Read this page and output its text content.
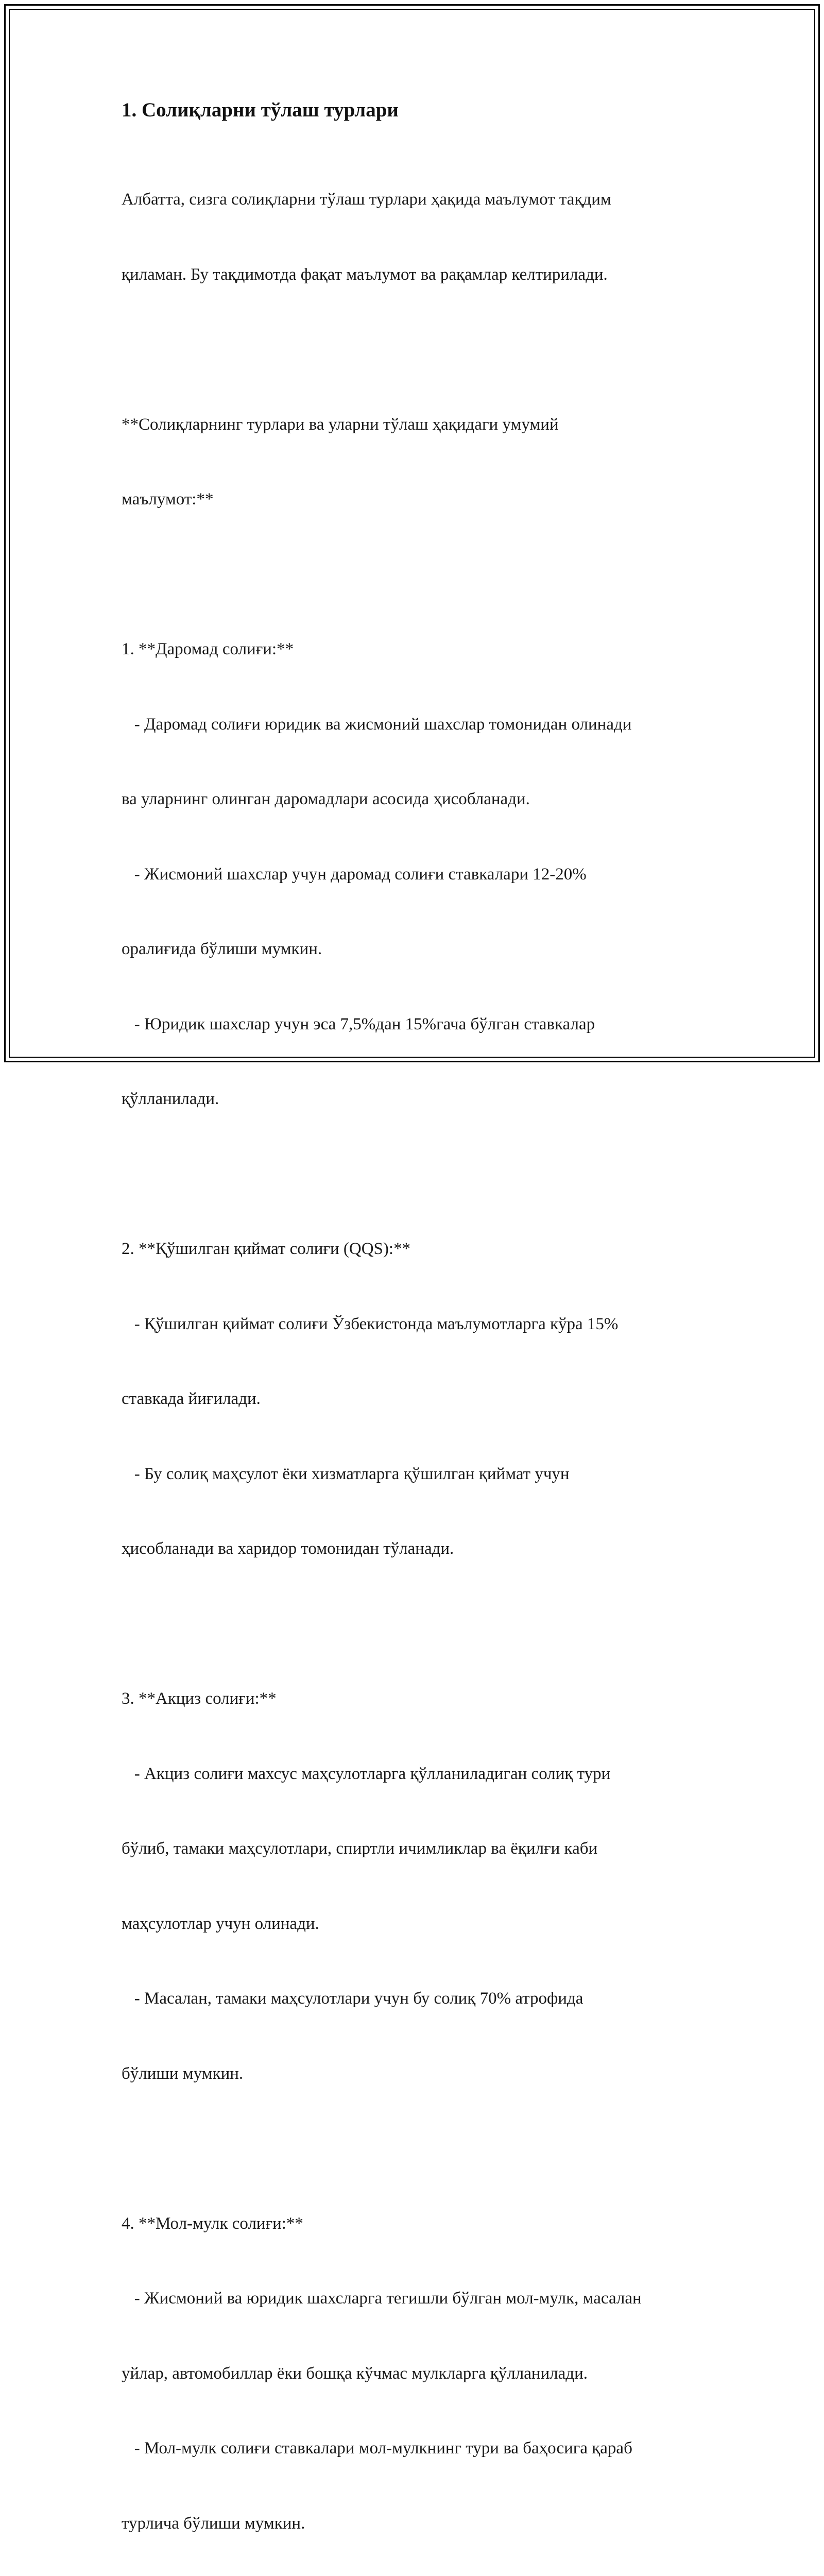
1. Солиқларни тўлаш турлари

Албатта, сизга солиқларни тўлаш турлари ҳақида маълумот тақдим

қиламан. Бу тақдимотда фақат маълумот ва рақамлар келтирилади.

**Солиқларнинг турлари ва уларни тўлаш ҳақидаги умумий

маълумот:**

1. **Даромад солиғи:**

- Даромад солиғи юридик ва жисмоний шахслар томонидан олинади

ва уларнинг олинган даромадлари асосида ҳисобланади.

- Жисмоний шахслар учун даромад солиғи ставкалари 12-20%

оралиғида бўлиши мумкин.

- Юридик шахслар учун эса 7,5%дан 15%гача бўлган ставкалар

қўлланилади.

2. **Қўшилган қиймат солиғи (QQS):**

- Қўшилган қиймат солиғи Ўзбекистонда маълумотларга кўра 15%

ставкада йиғилади.

- Бу солиқ маҳсулот ёки хизматларга қўшилган қиймат учун

ҳисобланади ва харидор томонидан тўланади.

3. **Акциз солиғи:**

- Акциз солиғи махсус маҳсулотларга қўлланиладиган солиқ тури

бўлиб, тамаки маҳсулотлари, спиртли ичимликлар ва ёқилғи каби

маҳсулотлар учун олинади.

- Масалан, тамаки маҳсулотлари учун бу солиқ 70% атрофида

бўлиши мумкин.

4. **Мол-мулк солиғи:**

- Жисмоний ва юридик шахсларга тегишли бўлган мол-мулк, масалан

уйлар, автомобиллар ёки бошқа кўчмас мулкларга қўлланилади.

- Мол-мулк солиғи ставкалари мол-мулкнинг тури ва баҳосига қараб

турлича бўлиши мумкин.
